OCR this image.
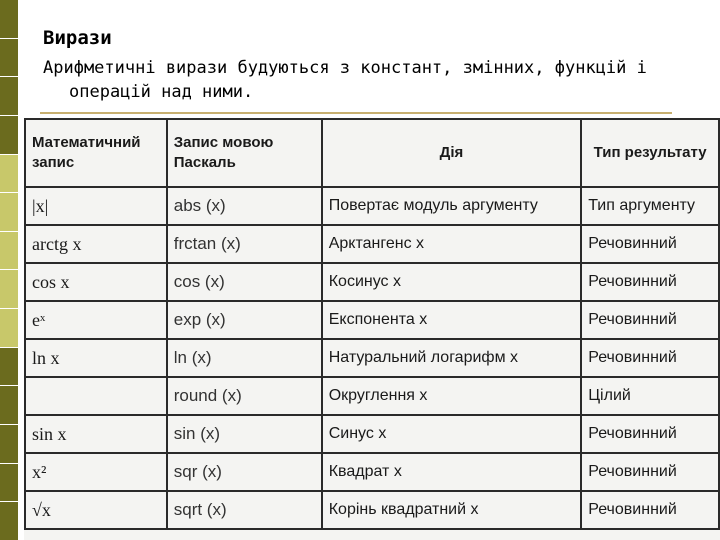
Вирази
Арифметичні вирази будуються з констант, змінних, функцій і
операцій над ними.
Математичний запис	Запис мовою Паскаль	Дія	Тип результату
|x|	abs (x)	Повертає модуль аргументу	Тип аргументу
arctg x	frctan (x)	Арктангенс x	Речовинний
cos x	cos (x)	Косинус x	Речовинний
eˣ	exp (x)	Експонента x	Речовинний
ln x	ln (x)	Натуральний логарифм x	Речовинний
	round (x)	Округлення x	Цілий
sin x	sin (x)	Синус x	Речовинний
x²	sqr (x)	Квадрат x	Речовинний
√x	sqrt (x)	Корінь квадратний x	Речовинний
